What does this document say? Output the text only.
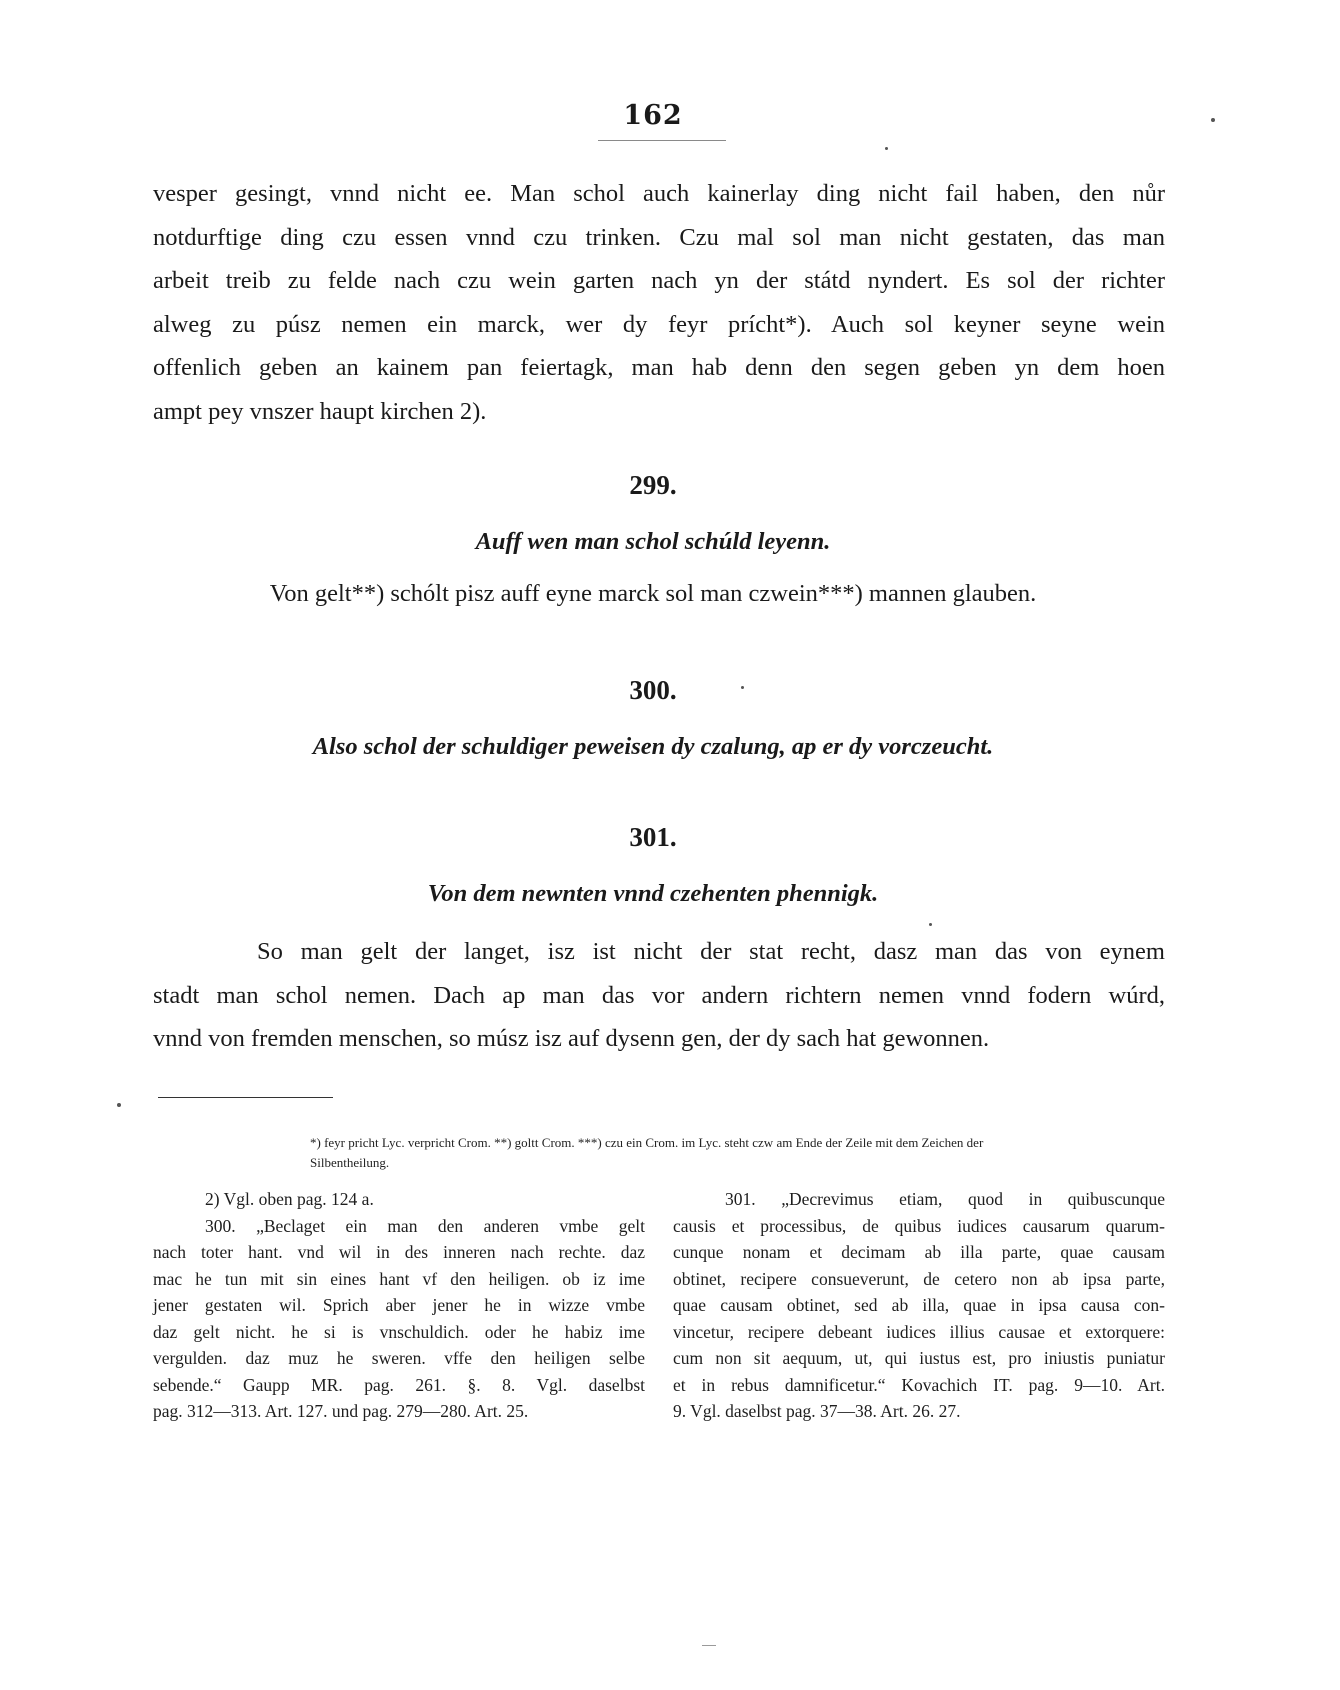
162
vesper gesingt, vnnd nicht ee. Man schol auch kainerlay ding nicht fail haben, den nůr
notdurftige ding czu essen vnnd czu trinken. Czu mal sol man nicht gestaten, das man
arbeit treib zu felde nach czu wein garten nach yn der státd nyndert. Es sol der richter
alweg zu púsz nemen ein marck, wer dy feyr prícht*). Auch sol keyner seyne wein
offenlich geben an kainem pan feiertagk, man hab denn den segen geben yn dem hoen
ampt pey vnszer haupt kirchen 2).
299.
Auff wen man schol schúld leyenn.
Von gelt**) schólt pisz auff eyne marck sol man czwein***) mannen glauben.
300.
Also schol der schuldiger peweisen dy czalung, ap er dy vorczeucht.
301.
Von dem newnten vnnd czehenten phennigk.
So man gelt der langet, isz ist nicht der stat recht, dasz man das von eynem
stadt man schol nemen. Dach ap man das vor andern richtern nemen vnnd fodern wúrd,
vnnd von fremden menschen, so músz isz auf dysenn gen, der dy sach hat gewonnen.
*) feyr pricht Lyc. verpricht Crom. **) goltt Crom. ***) czu ein Crom. im Lyc. steht czw am Ende der Zeile mit dem Zeichen der
Silbentheilung.
2) Vgl. oben pag. 124 a.
300. „Beclaget ein man den anderen vmbe gelt
nach toter hant. vnd wil in des inneren nach rechte. daz
mac he tun mit sin eines hant vf den heiligen. ob iz ime
jener gestaten wil. Sprich aber jener he in wizze vmbe
daz gelt nicht. he si is vnschuldich. oder he habiz ime
vergulden. daz muz he sweren. vffe den heiligen selbe
sebende.“ Gaupp MR. pag. 261. §. 8. Vgl. daselbst
pag. 312—313. Art. 127. und pag. 279—280. Art. 25.
301. „Decrevimus etiam, quod in quibuscunque
causis et processibus, de quibus iudices causarum quarum-
cunque nonam et decimam ab illa parte, quae causam
obtinet, recipere consueverunt, de cetero non ab ipsa parte,
quae causam obtinet, sed ab illa, quae in ipsa causa con-
vincetur, recipere debeant iudices illius causae et extorquere:
cum non sit aequum, ut, qui iustus est, pro iniustis puniatur
et in rebus damnificetur.“ Kovachich IT. pag. 9—10. Art.
9. Vgl. daselbst pag. 37—38. Art. 26. 27.
